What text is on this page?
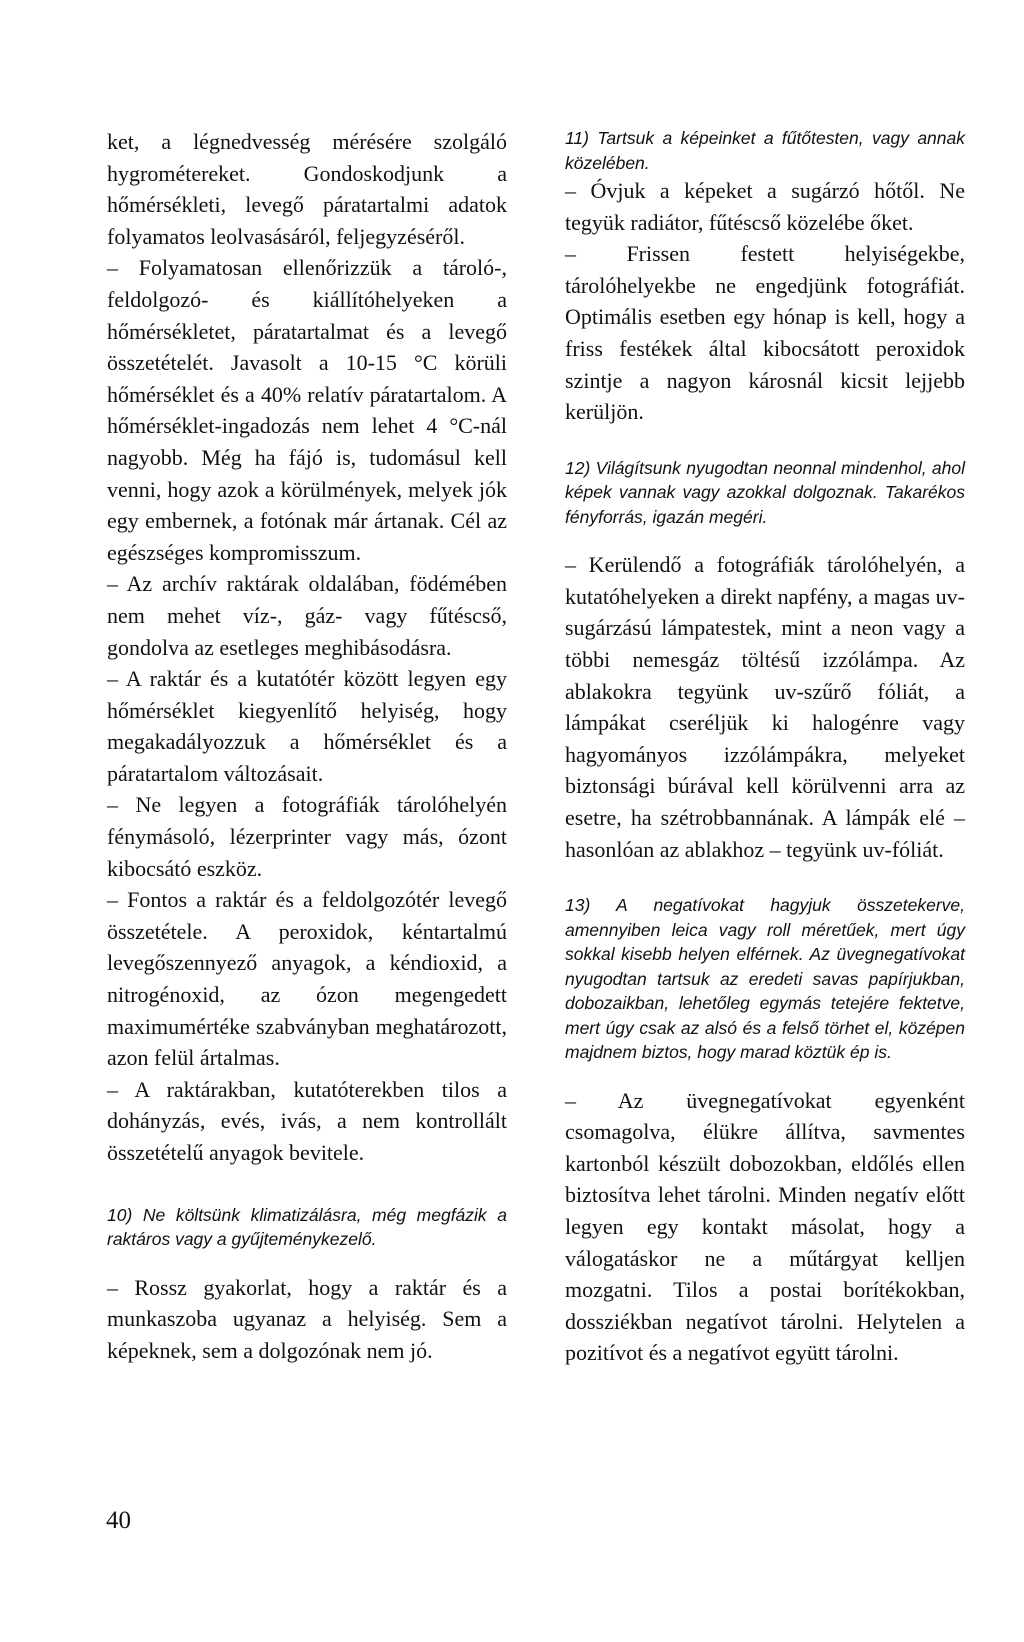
ket, a légnedvesség mérésére szolgáló hygrométereket. Gondoskodjunk a hőmérsékleti, levegő páratartalmi adatok folyamatos leolvasásáról, feljegyzéséről.

– Folyamatosan ellenőrizzük a tároló-, feldolgozó- és kiállítóhelyeken a hőmérsékletet, páratartalmat és a levegő összetételét. Javasolt a 10-15 °C körüli hőmérséklet és a 40% relatív páratartalom. A hőmérséklet-ingadozás nem lehet 4 °C-nál nagyobb. Még ha fájó is, tudomásul kell venni, hogy azok a körülmények, melyek jók egy embernek, a fotónak már ártanak. Cél az egészséges kompromisszum.

– Az archív raktárak oldalában, födémében nem mehet víz-, gáz- vagy fűtéscső, gondolva az esetleges meghibásodásra.

– A raktár és a kutatótér között legyen egy hőmérséklet kiegyenlítő helyiség, hogy megakadályozzuk a hőmérséklet és a páratartalom változásait.

– Ne legyen a fotográfiák tárolóhelyén fénymásoló, lézerprinter vagy más, ózont kibocsátó eszköz.

– Fontos a raktár és a feldolgozótér levegő összetétele. A peroxidok, kéntartalmú levegőszennyező anyagok, a kéndioxid, a nitrogénoxid, az ózon megengedett maximumértéke szabványban meghatározott, azon felül ártalmas.

– A raktárakban, kutatóterekben tilos a dohányzás, evés, ivás, a nem kontrollált összetételű anyagok bevitele.

10) Ne költsünk klimatizálásra, még megfázik a raktáros vagy a gyűjteménykezelő.

– Rossz gyakorlat, hogy a raktár és a munkaszoba ugyanaz a helyiség. Sem a képeknek, sem a dolgozónak nem jó.

11) Tartsuk a képeinket a fűtőtesten, vagy annak közelében.

– Óvjuk a képeket a sugárzó hőtől. Ne tegyük radiátor, fűtéscső közelébe őket.

– Frissen festett helyiségekbe, tárolóhelyekbe ne engedjünk fotográfiát. Optimális esetben egy hónap is kell, hogy a friss festékek által kibocsátott peroxidok szintje a nagyon károsnál kicsit lejjebb kerüljön.

12) Világítsunk nyugodtan neonnal mindenhol, ahol képek vannak vagy azokkal dolgoznak. Takarékos fényforrás, igazán megéri.

– Kerülendő a fotográfiák tárolóhelyén, a kutatóhelyeken a direkt napfény, a magas uv-sugárzású lámpatestek, mint a neon vagy a többi nemesgáz töltésű izzólámpa. Az ablakokra tegyünk uv-szűrő fóliát, a lámpákat cseréljük ki halogénre vagy hagyományos izzólámpákra, melyeket biztonsági búrával kell körülvenni arra az esetre, ha szétrobbannának. A lámpák elé – hasonlóan az ablakhoz – tegyünk uv-fóliát.

13) A negatívokat hagyjuk összetekerve, amennyiben leica vagy roll méretűek, mert úgy sokkal kisebb helyen elférnek. Az üvegnegatívokat nyugodtan tartsuk az eredeti savas papírjukban, dobozaikban, lehetőleg egymás tetejére fektetve, mert úgy csak az alsó és a felső törhet el, középen majdnem biztos, hogy marad köztük ép is.

– Az üvegnegatívokat egyenként csomagolva, élükre állítva, savmentes kartonból készült dobozokban, eldőlés ellen biztosítva lehet tárolni. Minden negatív előtt legyen egy kontakt másolat, hogy a válogatáskor ne a műtárgyat kelljen mozgatni. Tilos a postai borítékokban, dossziékban negatívot tárolni. Helytelen a pozitívot és a negatívot együtt tárolni.

40
